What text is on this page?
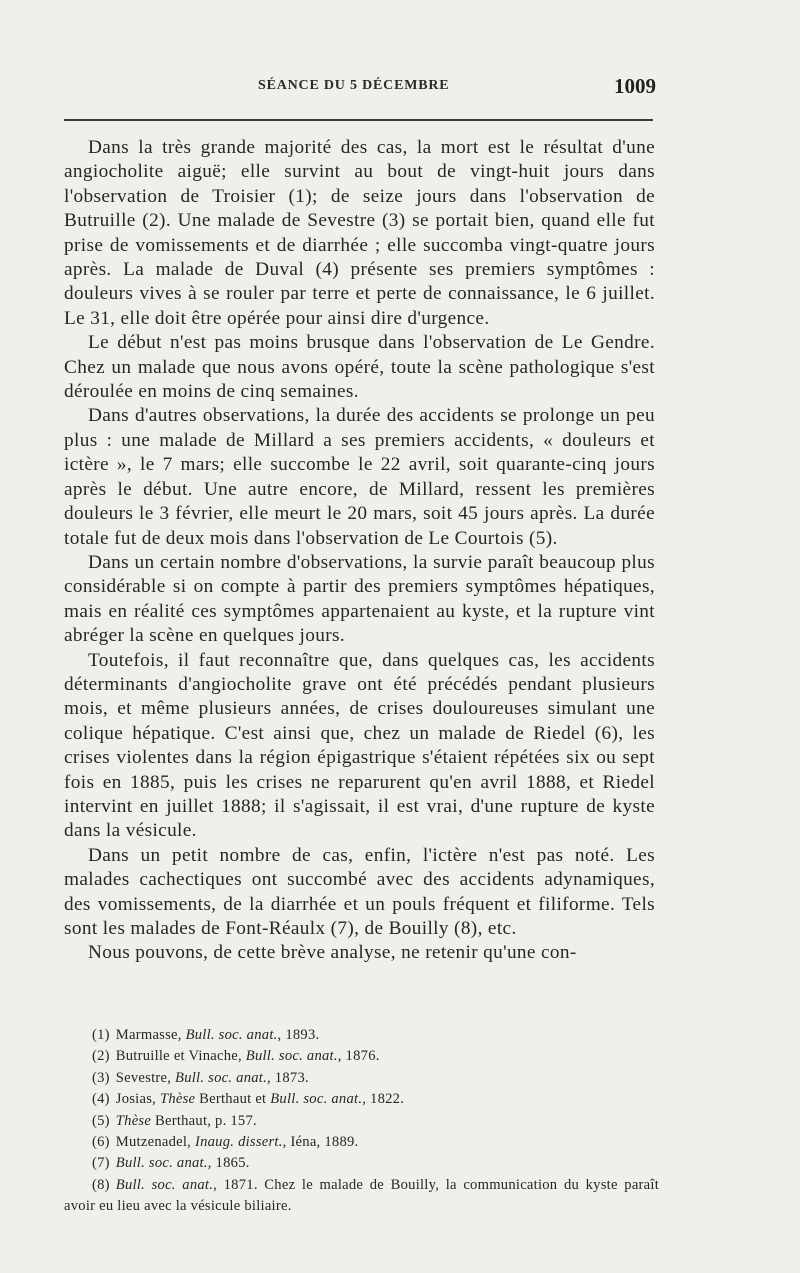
SÉANCE DU 5 DÉCEMBRE	1009

Dans la très grande majorité des cas, la mort est le résultat d'une angiocholite aiguë; elle survint au bout de vingt-huit jours dans l'observation de Troisier (1); de seize jours dans l'observation de Butruille (2). Une malade de Sevestre (3) se portait bien, quand elle fut prise de vomissements et de diarrhée ; elle succomba vingt-quatre jours après. La malade de Duval (4) présente ses premiers symptômes : douleurs vives à se rouler par terre et perte de connaissance, le 6 juillet. Le 31, elle doit être opérée pour ainsi dire d'urgence.

Le début n'est pas moins brusque dans l'observation de Le Gendre. Chez un malade que nous avons opéré, toute la scène pathologique s'est déroulée en moins de cinq semaines.

Dans d'autres observations, la durée des accidents se prolonge un peu plus : une malade de Millard a ses premiers accidents, « douleurs et ictère », le 7 mars; elle succombe le 22 avril, soit quarante-cinq jours après le début. Une autre encore, de Millard, ressent les premières douleurs le 3 février, elle meurt le 20 mars, soit 45 jours après. La durée totale fut de deux mois dans l'observation de Le Courtois (5).

Dans un certain nombre d'observations, la survie paraît beaucoup plus considérable si on compte à partir des premiers symptômes hépatiques, mais en réalité ces symptômes appartenaient au kyste, et la rupture vint abréger la scène en quelques jours.

Toutefois, il faut reconnaître que, dans quelques cas, les accidents déterminants d'angiocholite grave ont été précédés pendant plusieurs mois, et même plusieurs années, de crises douloureuses simulant une colique hépatique. C'est ainsi que, chez un malade de Riedel (6), les crises violentes dans la région épigastrique s'étaient répétées six ou sept fois en 1885, puis les crises ne reparurent qu'en avril 1888, et Riedel intervint en juillet 1888; il s'agissait, il est vrai, d'une rupture de kyste dans la vésicule.

Dans un petit nombre de cas, enfin, l'ictère n'est pas noté. Les malades cachectiques ont succombé avec des accidents adynamiques, des vomissements, de la diarrhée et un pouls fréquent et filiforme. Tels sont les malades de Font-Réaulx (7), de Bouilly (8), etc.

Nous pouvons, de cette brève analyse, ne retenir qu'une con-

(1) Marmasse, Bull. soc. anat., 1893.
(2) Butruille et Vinache, Bull. soc. anat., 1876.
(3) Sevestre, Bull. soc. anat., 1873.
(4) Josias, Thèse Berthaut et Bull. soc. anat., 1822.
(5) Thèse Berthaut, p. 157.
(6) Mutzenadel, Inaug. dissert., Iéna, 1889.
(7) Bull. soc. anat., 1865.
(8) Bull. soc. anat., 1871. Chez le malade de Bouilly, la communication du kyste paraît avoir eu lieu avec la vésicule biliaire.
